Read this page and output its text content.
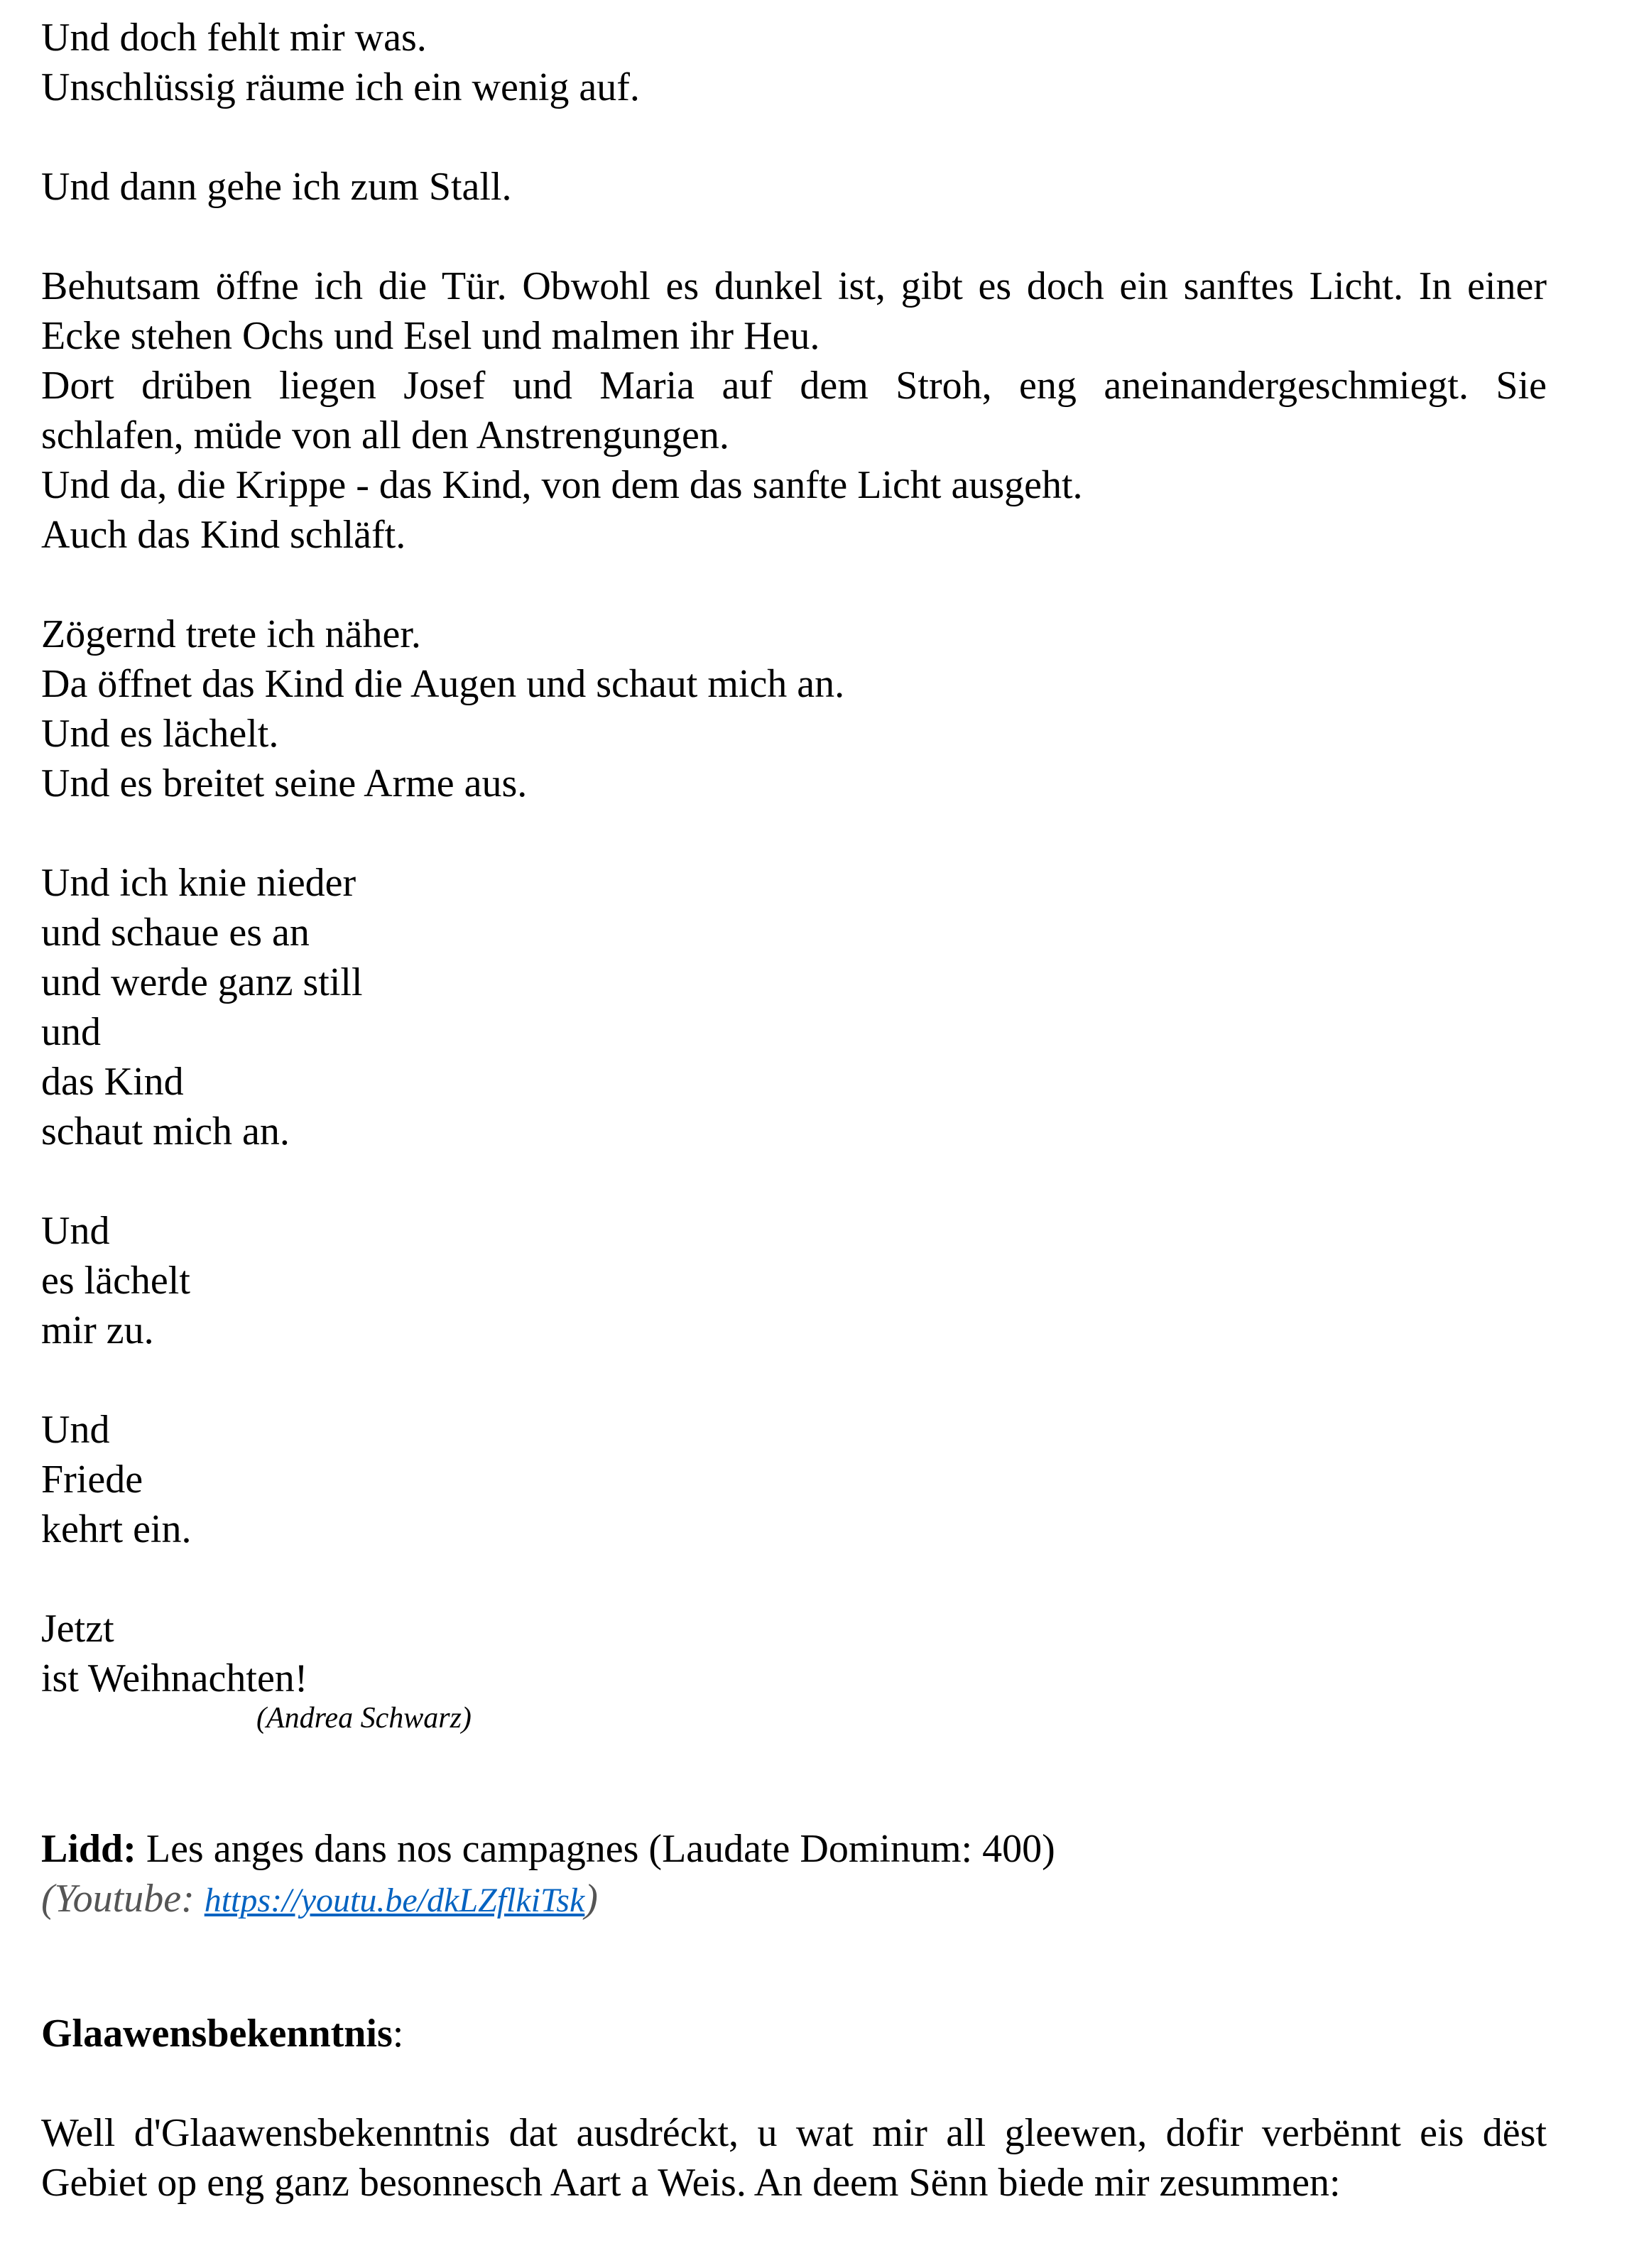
Und doch fehlt mir was.
Unschlüssig räume ich ein wenig auf.
Und dann gehe ich zum Stall.
Behutsam öffne ich die Tür. Obwohl es dunkel ist, gibt es doch ein sanftes Licht. In einer
Ecke stehen Ochs und Esel und malmen ihr Heu.
Dort drüben liegen Josef und Maria auf dem Stroh, eng aneinandergeschmiegt. Sie
schlafen, müde von all den Anstrengungen.
Und da, die Krippe - das Kind, von dem das sanfte Licht ausgeht.
Auch das Kind schläft.
Zögernd trete ich näher.
Da öffnet das Kind die Augen und schaut mich an.
Und es lächelt.
Und es breitet seine Arme aus.
Und ich knie nieder
und schaue es an
und werde ganz still
und
das Kind
schaut mich an.
Und
es lächelt
mir zu.
Und
Friede
kehrt ein.
Jetzt
ist Weihnachten!
(Andrea Schwarz)
Lidd: Les anges dans nos campagnes (Laudate Dominum: 400)
(Youtube: https://youtu.be/dkLZflkiTsk)
Glaawensbekenntnis:
Well d'Glaawensbekenntnis dat ausdréckt, u wat mir all gleewen, dofir verbënnt eis dëst
Gebiet op eng ganz besonnesch Aart a Weis. An deem Sënn biede mir zesummen:
